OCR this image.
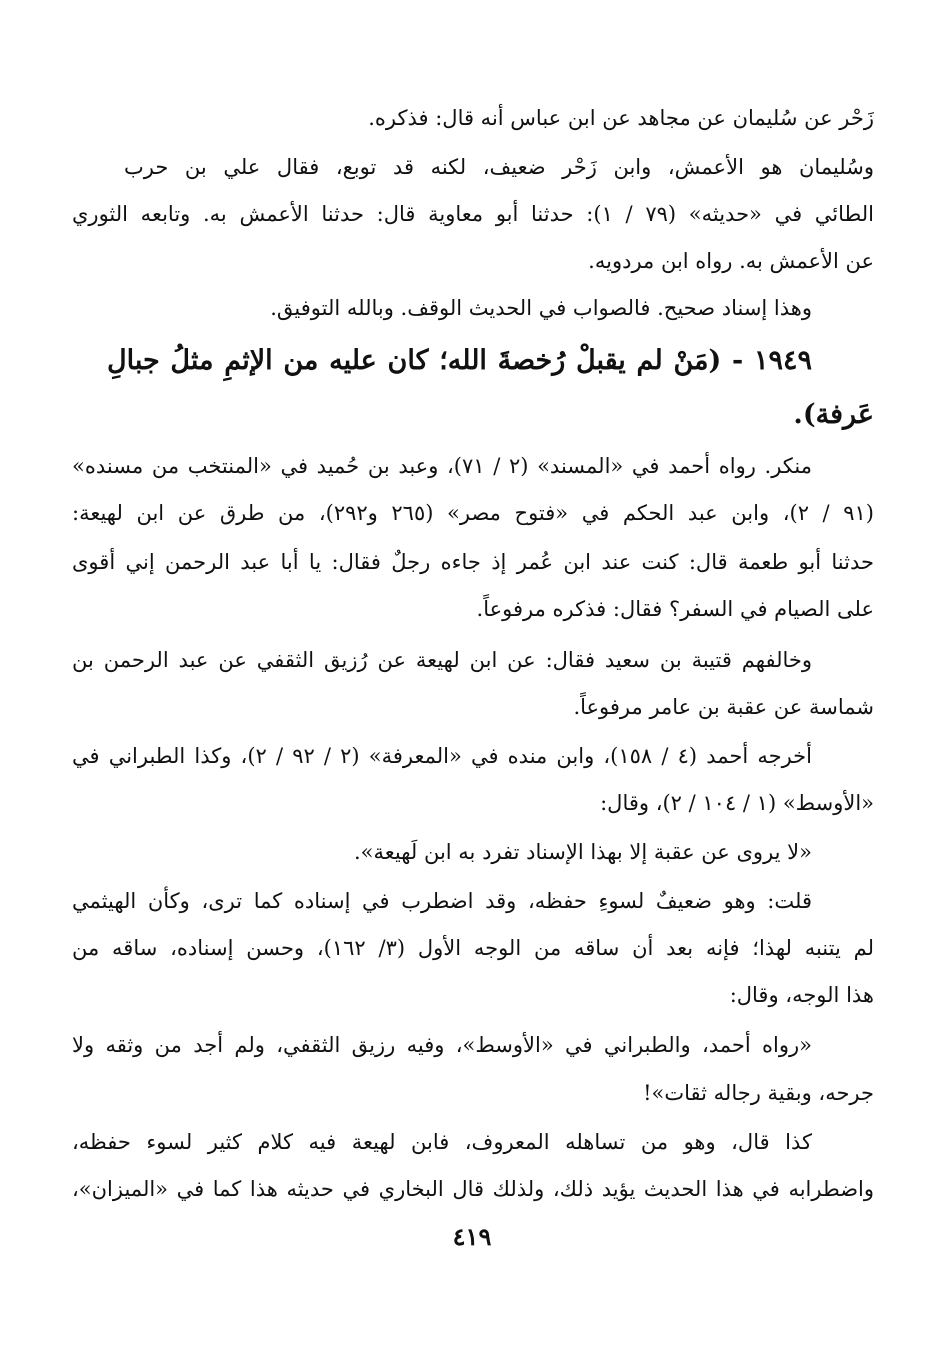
زَحْر عن سُليمان عن مجاهد عن ابن عباس أنه قال: فذكره.
وسُليمان هو الأعمش، وابن زَحْر ضعيف، لكنه قد توبع، فقال علي بن حرب
الطائي في «حديثه» (٧٩ / ١): حدثنا أبو معاوية قال: حدثنا الأعمش به. وتابعه الثوري
عن الأعمش به. رواه ابن مردويه.
وهذا إسناد صحيح. فالصواب في الحديث الوقف. وبالله التوفيق.
١٩٤٩ - (مَنْ لم يقبلْ رُخصةَ الله؛ كان عليه من الإثمِ مثلُ جبالِ
عَرفة).
منكر. رواه أحمد في «المسند» (٢ / ٧١)، وعبد بن حُميد في «المنتخب من مسنده»
(٩١ / ٢)، وابن عبد الحكم في «فتوح مصر» (٢٦٥ و٢٩٢)، من طرق عن ابن لهيعة:
حدثنا أبو طعمة قال: كنت عند ابن عُمر إذ جاءه رجلٌ فقال: يا أبا عبد الرحمن إني أقوى
على الصيام في السفر؟ فقال: فذكره مرفوعاً.
وخالفهم قتيبة بن سعيد فقال: عن ابن لهيعة عن رُزيق الثقفي عن عبد الرحمن بن
شماسة عن عقبة بن عامر مرفوعاً.
أخرجه أحمد (٤ / ١٥٨)، وابن منده في «المعرفة» (٢ / ٩٢ / ٢)، وكذا الطبراني في
«الأوسط» (١ / ١٠٤ / ٢)، وقال:
«لا يروى عن عقبة إلا بهذا الإسناد تفرد به ابن لَهيعة».
قلت: وهو ضعيفٌ لسوءِ حفظه، وقد اضطرب في إسناده كما ترى، وكأن الهيثمي
لم يتنبه لهذا؛ فإنه بعد أن ساقه من الوجه الأول (٣/ ١٦٢)، وحسن إسناده، ساقه من
هذا الوجه، وقال:
«رواه أحمد، والطبراني في «الأوسط»، وفيه رزيق الثقفي، ولم أجد من وثقه ولا
جرحه، وبقية رجاله ثقات»!
كذا قال، وهو من تساهله المعروف، فابن لهيعة فيه كلام كثير لسوء حفظه،
واضطرابه في هذا الحديث يؤيد ذلك، ولذلك قال البخاري في حديثه هذا كما في «الميزان»،
٤١٩
